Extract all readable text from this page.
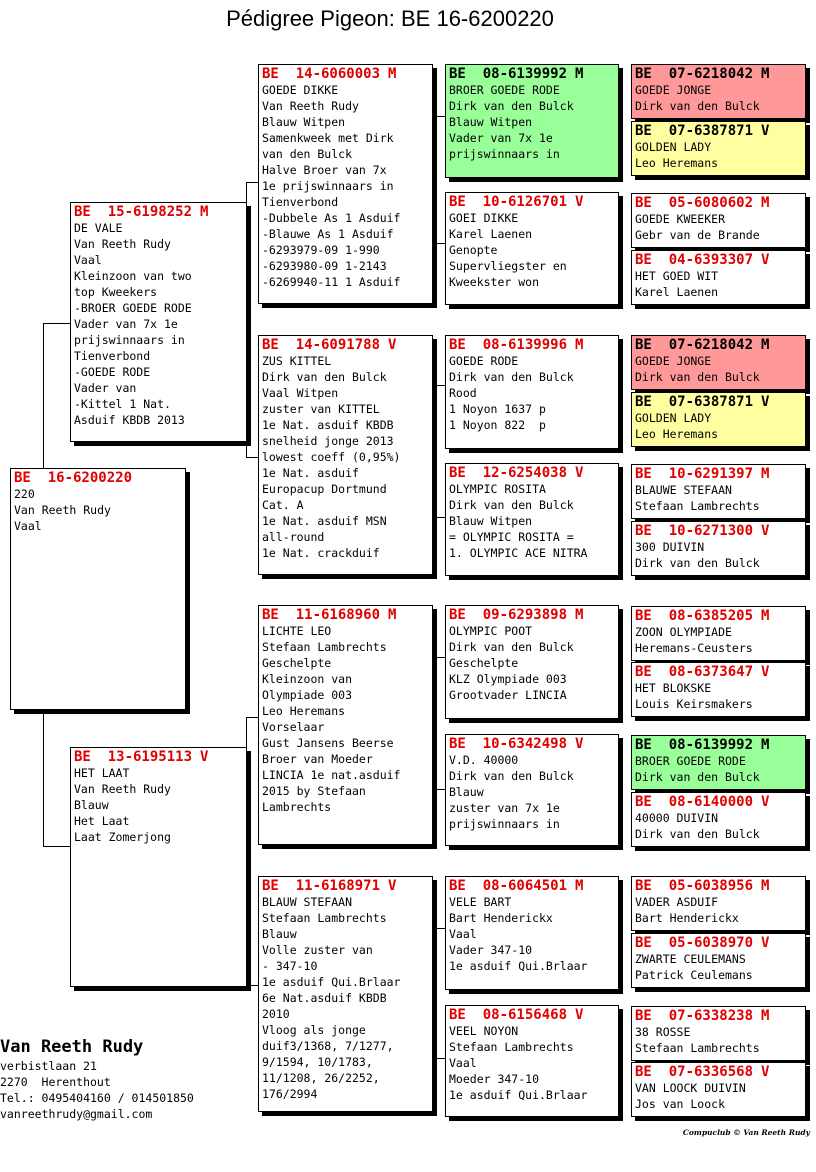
Pédigree Pigeon: BE 16-6200220
BE  16-6200220
220
Van Reeth Rudy
Vaal
BE  15-6198252 M
DE VALE
Van Reeth Rudy
Vaal
Kleinzoon van two
top Kweekers
-BROER GOEDE RODE
Vader van 7x 1e
prijswinnaars in
Tienverbond
-GOEDE RODE
Vader van
-Kittel 1 Nat.
Asduif KBDB 2013
BE  13-6195113 V
HET LAAT
Van Reeth Rudy
Blauw
Het Laat
Laat Zomerjong
BE  14-6060003 M
GOEDE DIKKE
Van Reeth Rudy
Blauw Witpen
Samenkweek met Dirk
van den Bulck
Halve Broer van 7x
1e prijswinnaars in
Tienverbond
-Dubbele As 1 Asduif
-Blauwe As 1 Asduif
-6293979-09 1-990
-6293980-09 1-2143
-6269940-11 1 Asduif
BE  14-6091788 V
ZUS KITTEL
Dirk van den Bulck
Vaal Witpen
zuster van KITTEL
1e Nat. asduif KBDB
snelheid jonge 2013
lowest coeff (0,95%)
1e Nat. asduif
Europacup Dortmund
Cat. A
1e Nat. asduif MSN
all-round
1e Nat. crackduif
BE  11-6168960 M
LICHTE LEO
Stefaan Lambrechts
Geschelpte
Kleinzoon van
Olympiade 003
Leo Heremans
Vorselaar
Gust Jansens Beerse
Broer van Moeder
LINCIA 1e nat.asduif
2015 by Stefaan
Lambrechts
BE  11-6168971 V
BLAUW STEFAAN
Stefaan Lambrechts
Blauw
Volle zuster van
- 347-10
1e asduif Qui.Brlaar
6e Nat.asduif KBDB
2010
Vloog als jonge
duif3/1368, 7/1277,
9/1594, 10/1783,
11/1208, 26/2252,
176/2994
BE  08-6139992 M
BROER GOEDE RODE
Dirk van den Bulck
Blauw Witpen
Vader van 7x 1e
prijswinnaars in
BE  10-6126701 V
GOEI DIKKE
Karel Laenen
Genopte
Supervliegster en
Kweekster won
BE  08-6139996 M
GOEDE RODE
Dirk van den Bulck
Rood
1 Noyon 1637 p
1 Noyon 822  p
BE  12-6254038 V
OLYMPIC ROSITA
Dirk van den Bulck
Blauw Witpen
= OLYMPIC ROSITA =
1. OLYMPIC ACE NITRA
BE  09-6293898 M
OLYMPIC POOT
Dirk van den Bulck
Geschelpte
KLZ Olympiade 003
Grootvader LINCIA
BE  10-6342498 V
V.D. 40000
Dirk van den Bulck
Blauw
zuster van 7x 1e
prijswinnaars in
BE  08-6064501 M
VELE BART
Bart Henderickx
Vaal
Vader 347-10
1e asduif Qui.Brlaar
BE  08-6156468 V
VEEL NOYON
Stefaan Lambrechts
Vaal
Moeder 347-10
1e asduif Qui.Brlaar
BE  07-6218042 M
GOEDE JONGE
Dirk van den Bulck
BE  07-6387871 V
GOLDEN LADY
Leo Heremans
BE  05-6080602 M
GOEDE KWEEKER
Gebr van de Brande
BE  04-6393307 V
HET GOED WIT
Karel Laenen
BE  07-6218042 M
GOEDE JONGE
Dirk van den Bulck
BE  07-6387871 V
GOLDEN LADY
Leo Heremans
BE  10-6291397 M
BLAUWE STEFAAN
Stefaan Lambrechts
BE  10-6271300 V
300 DUIVIN
Dirk van den Bulck
BE  08-6385205 M
ZOON OLYMPIADE
Heremans-Ceusters
BE  08-6373647 V
HET BLOKSKE
Louis Keirsmakers
BE  08-6139992 M
BROER GOEDE RODE
Dirk van den Bulck
BE  08-6140000 V
40000 DUIVIN
Dirk van den Bulck
BE  05-6038956 M
VADER ASDUIF
Bart Henderickx
BE  05-6038970 V
ZWARTE CEULEMANS
Patrick Ceulemans
BE  07-6338238 M
38 ROSSE
Stefaan Lambrechts
BE  07-6336568 V
VAN LOOCK DUIVIN
Jos van Loock
Van Reeth Rudy
verbistlaan 21
2270  Herenthout
Tel.: 0495404160 / 014501850
vanreethrudy@gmail.com
Compuclub © Van Reeth Rudy
